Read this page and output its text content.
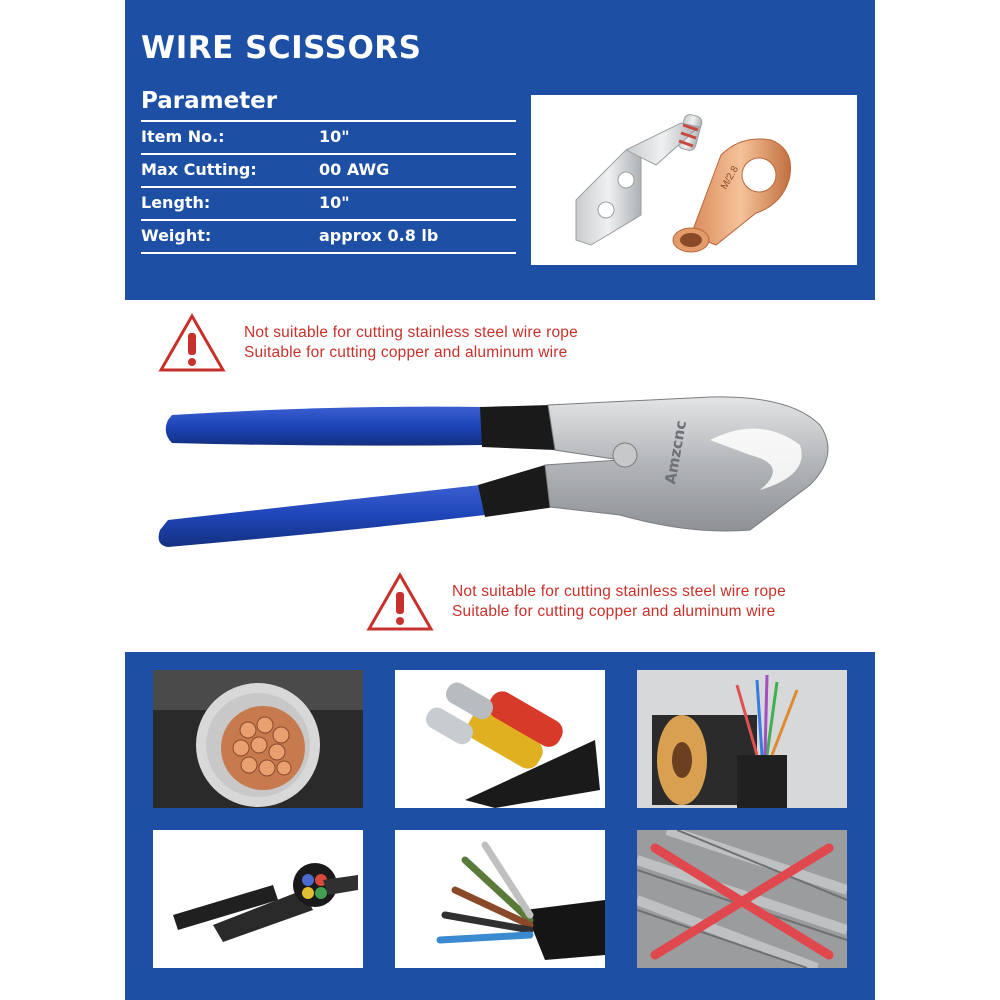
WIRE SCISSORS
Parameter
Item No.:	10"
Max Cutting:	00 AWG
Length:	10"
Weight:	approx 0.8 lb
M/2.8
Not suitable for cutting stainless steel wire rope
Suitable for cutting copper and aluminum wire
Amzcnc
Not suitable for cutting stainless steel wire rope
Suitable for cutting copper and aluminum wire
